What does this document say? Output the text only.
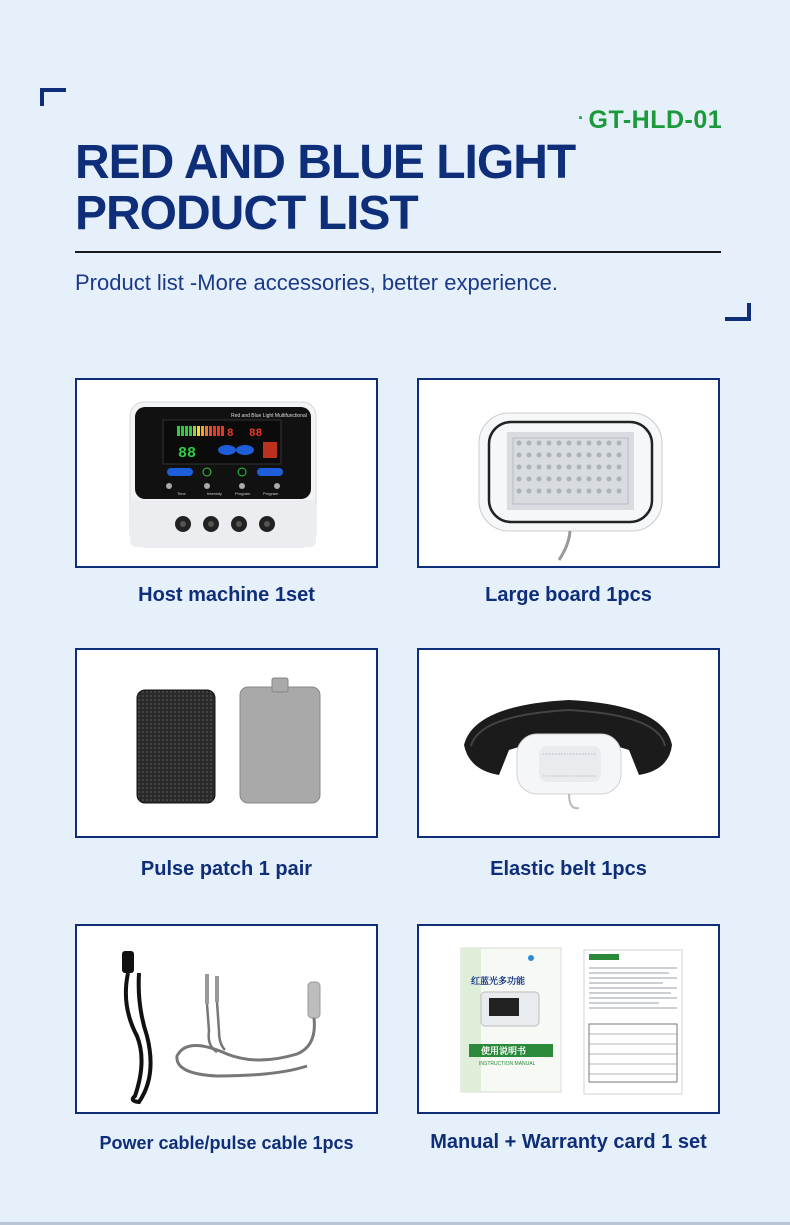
· GT-HLD-01
RED AND BLUE LIGHT
PRODUCT LIST
Product list -More accessories, better experience.
Red and Blue Light Multifunctional
8 88
88
Time	Intensity	Program	Program
Host machine 1set	Large board 1pcs
Pulse patch 1 pair	Elastic belt 1pcs
Power cable/pulse cable 1pcs
红蓝光多功能
使用说明书
INSTRUCTION MANUAL
Manual + Warranty card 1 set
